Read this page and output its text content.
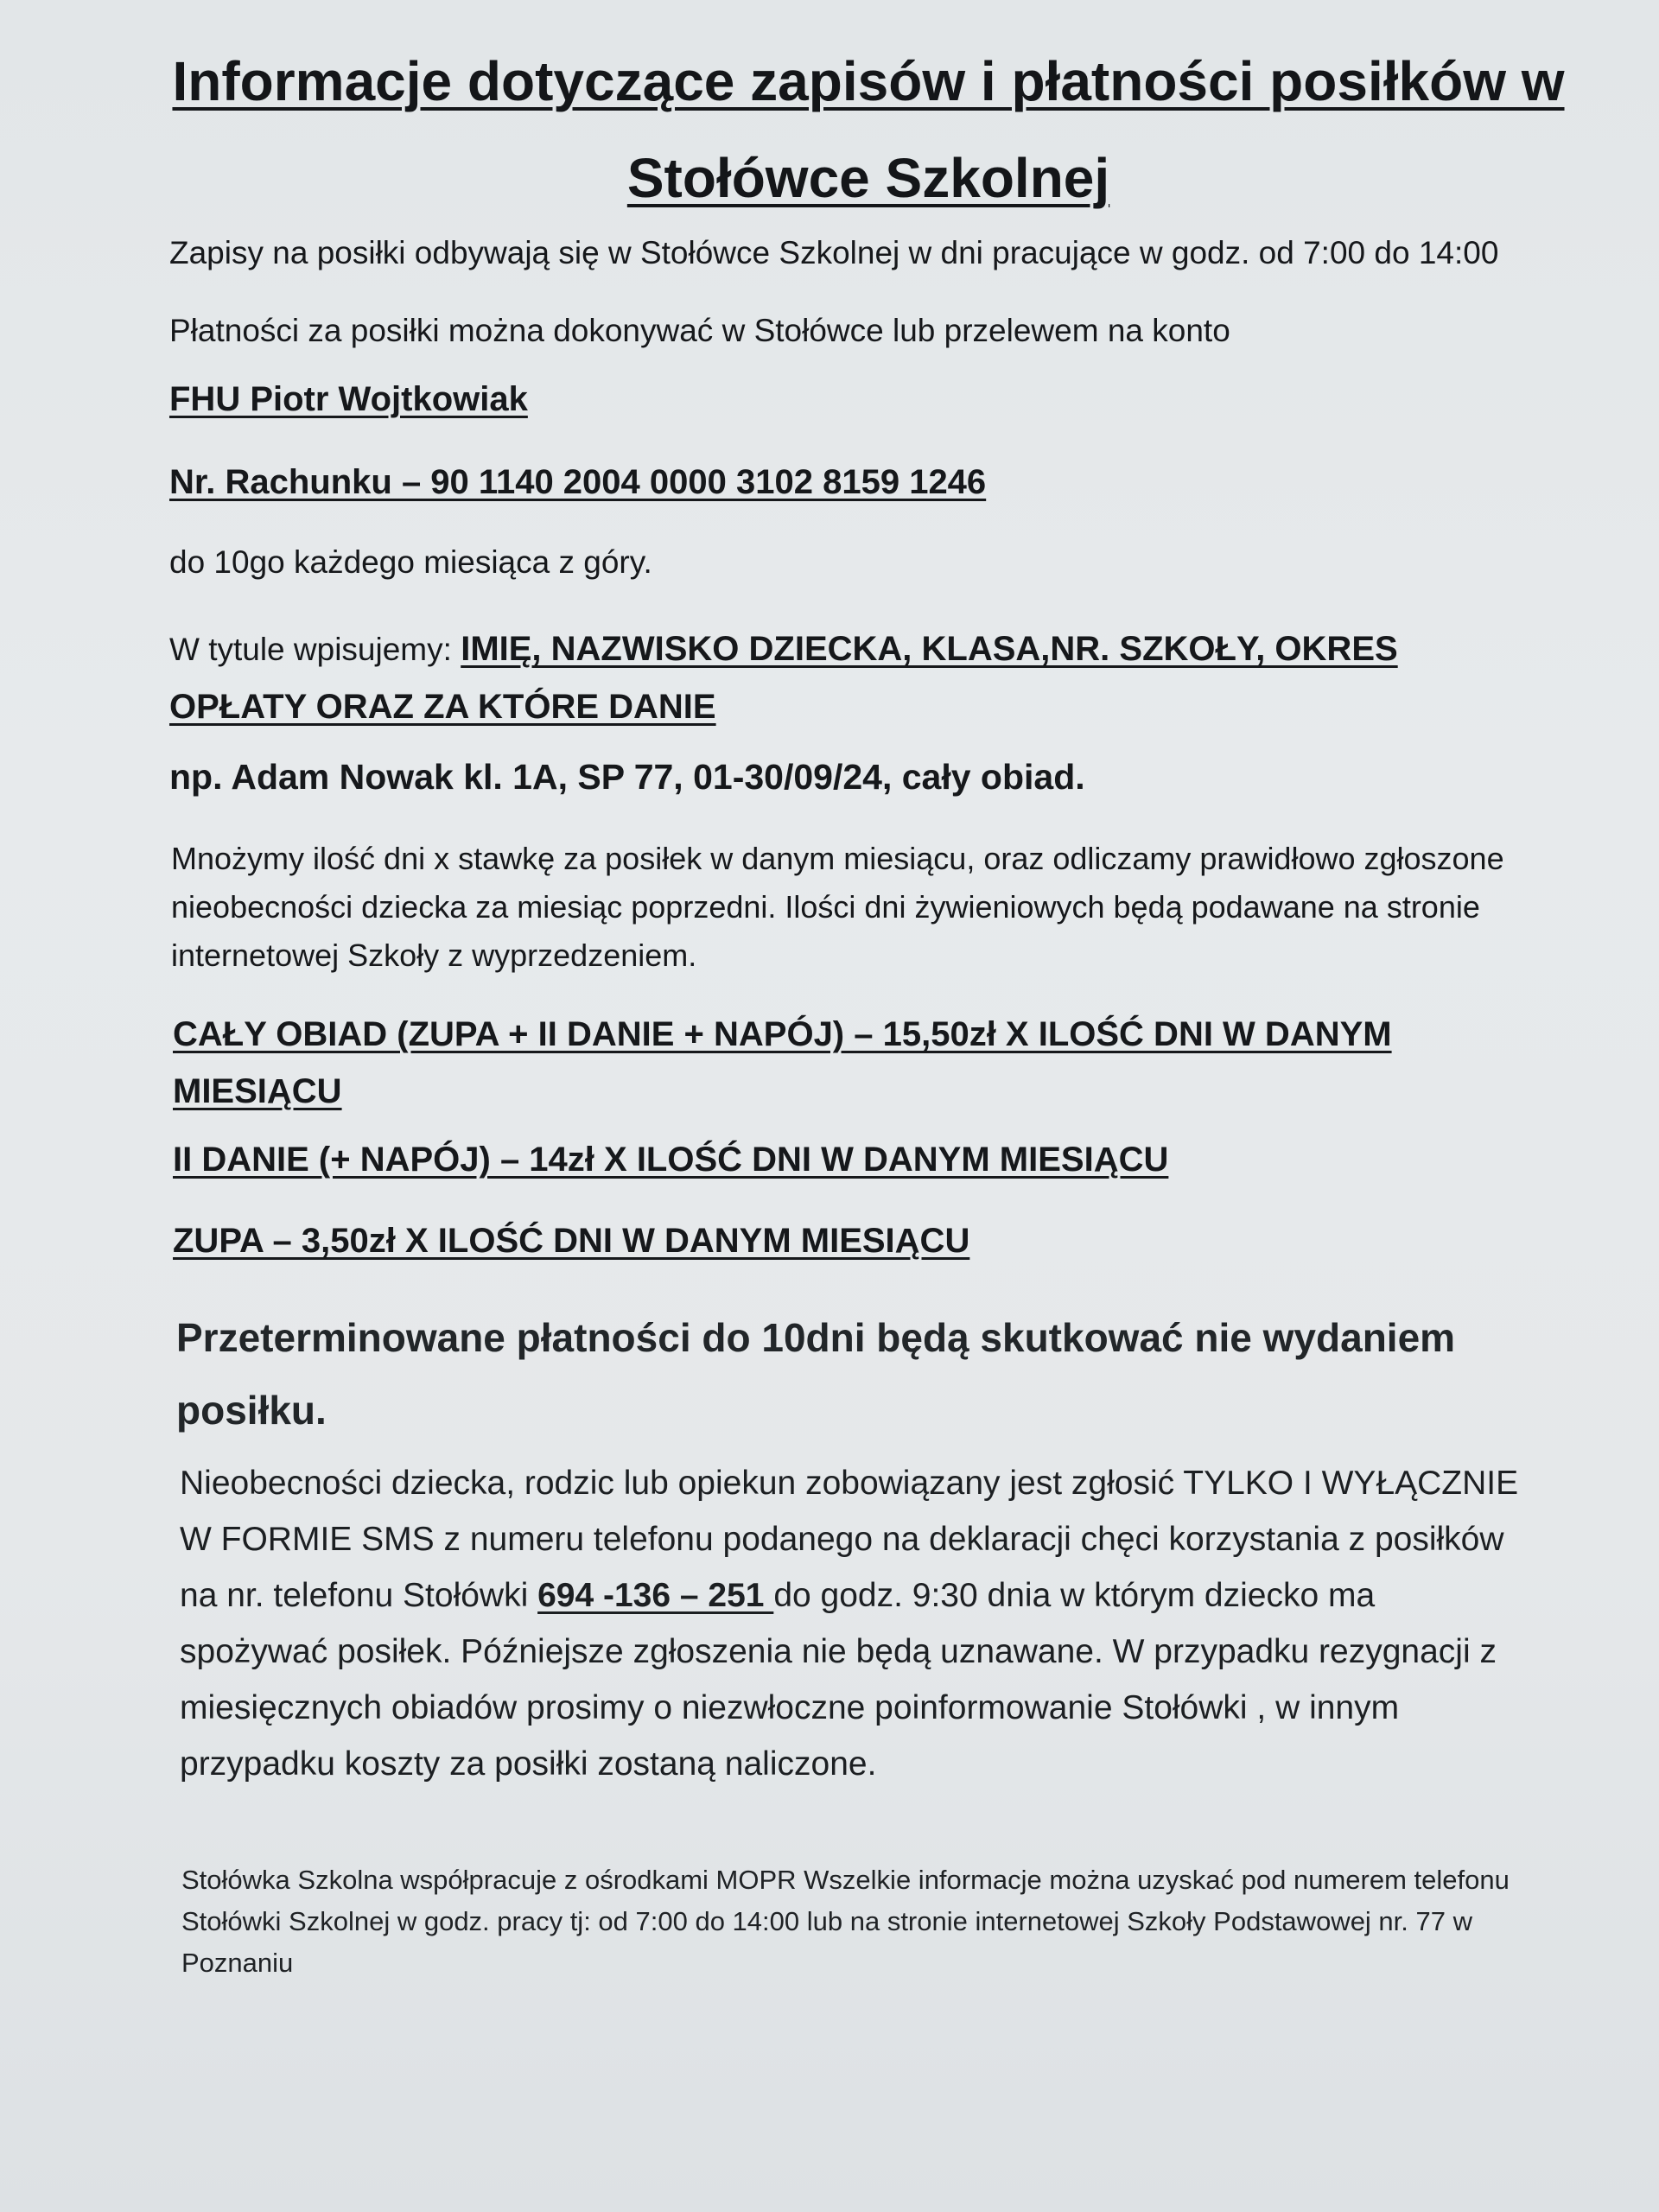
Informacje dotyczące zapisów i płatności posiłków w Stołówce Szkolnej
Zapisy na posiłki odbywają się w Stołówce Szkolnej w dni pracujące w godz. od 7:00 do 14:00
Płatności za posiłki można dokonywać w Stołówce lub przelewem na konto
FHU Piotr Wojtkowiak
Nr. Rachunku – 90 1140 2004 0000 3102 8159 1246
do 10go każdego miesiąca z góry.
W tytule wpisujemy: IMIĘ, NAZWISKO DZIECKA, KLASA,NR. SZKOŁY, OKRES OPŁATY ORAZ ZA KTÓRE DANIE
np. Adam Nowak kl. 1A, SP 77, 01-30/09/24, cały obiad.
Mnożymy ilość dni x stawkę za posiłek w danym miesiącu, oraz odliczamy prawidłowo zgłoszone nieobecności dziecka za miesiąc poprzedni. Ilości dni żywieniowych będą podawane na stronie internetowej Szkoły z wyprzedzeniem.
CAŁY OBIAD (ZUPA + II DANIE + NAPÓJ) – 15,50zł X ILOŚĆ DNI W DANYM MIESIĄCU
II DANIE (+ NAPÓJ) – 14zł X ILOŚĆ DNI W DANYM MIESIĄCU
ZUPA – 3,50zł X ILOŚĆ DNI W DANYM MIESIĄCU
Przeterminowane płatności do 10dni będą skutkować nie wydaniem posiłku.
Nieobecności dziecka, rodzic lub opiekun zobowiązany jest zgłosić TYLKO I WYŁĄCZNIE W FORMIE SMS z numeru telefonu podanego na deklaracji chęci korzystania z posiłków na nr. telefonu Stołówki 694 -136 – 251 do godz. 9:30 dnia w którym dziecko ma spożywać posiłek. Późniejsze zgłoszenia nie będą uznawane. W przypadku rezygnacji z miesięcznych obiadów prosimy o niezwłoczne poinformowanie Stołówki , w innym przypadku koszty za posiłki zostaną naliczone.
Stołówka Szkolna współpracuje z ośrodkami MOPR Wszelkie informacje można uzyskać pod numerem telefonu Stołówki Szkolnej w godz. pracy tj: od 7:00 do 14:00 lub na stronie internetowej Szkoły Podstawowej nr. 77 w Poznaniu
